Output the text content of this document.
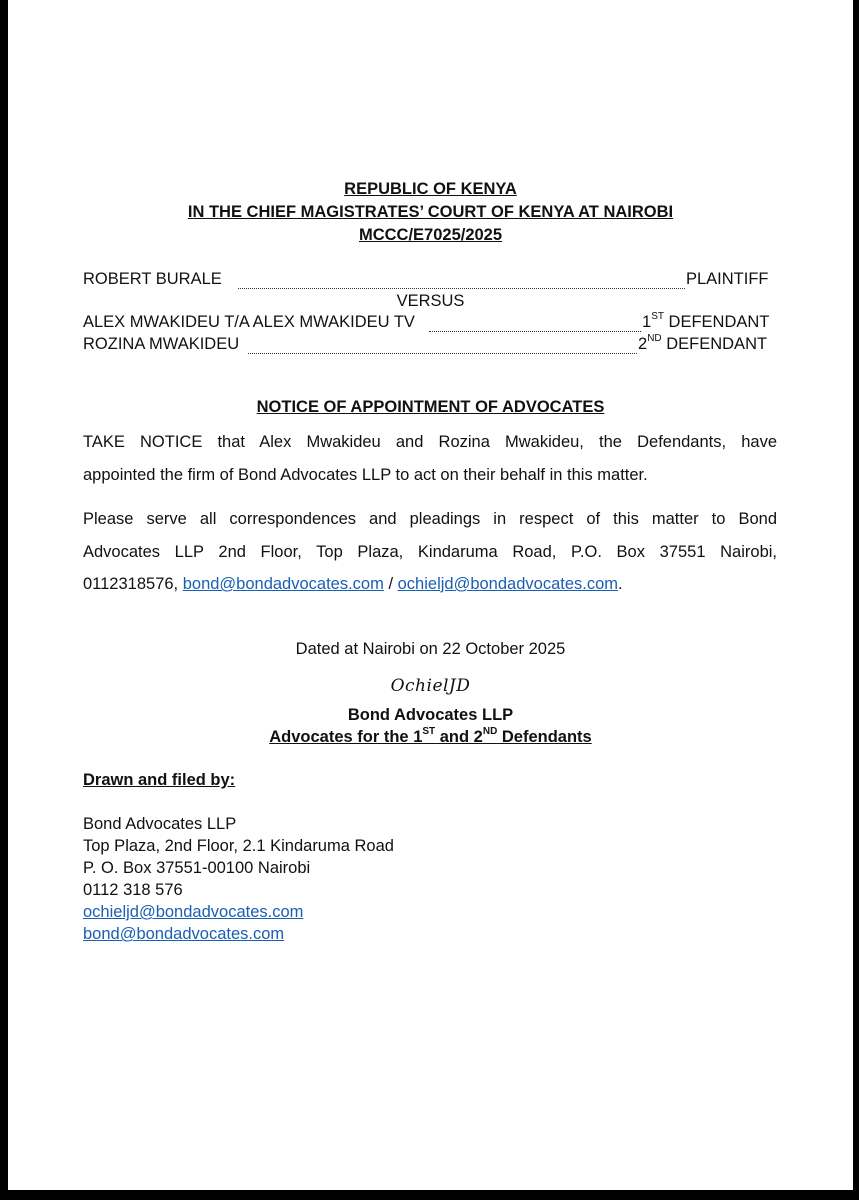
REPUBLIC OF KENYA
IN THE CHIEF MAGISTRATES’ COURT OF KENYA AT NAIROBI
MCCC/E7025/2025
ROBERT BURALE	PLAINTIFF
VERSUS
ALEX MWAKIDEU T/A ALEX MWAKIDEU TV	1ST DEFENDANT
ROZINA MWAKIDEU	2ND DEFENDANT
NOTICE OF APPOINTMENT OF ADVOCATES
TAKE NOTICE that Alex Mwakideu and Rozina Mwakideu, the Defendants, have
appointed the firm of Bond Advocates LLP to act on their behalf in this matter.
Please serve all correspondences and pleadings in respect of this matter to Bond
Advocates LLP 2nd Floor, Top Plaza, Kindaruma Road, P.O. Box 37551 Nairobi,
0112318576, bond@bondadvocates.com / ochieljd@bondadvocates.com.
Dated at Nairobi on 22 October 2025
OchielJD
Bond Advocates LLP
Advocates for the 1ST and 2ND Defendants
Drawn and filed by:
Bond Advocates LLP
Top Plaza, 2nd Floor, 2.1 Kindaruma Road
P. O. Box 37551-00100 Nairobi
0112 318 576
ochieljd@bondadvocates.com
bond@bondadvocates.com
